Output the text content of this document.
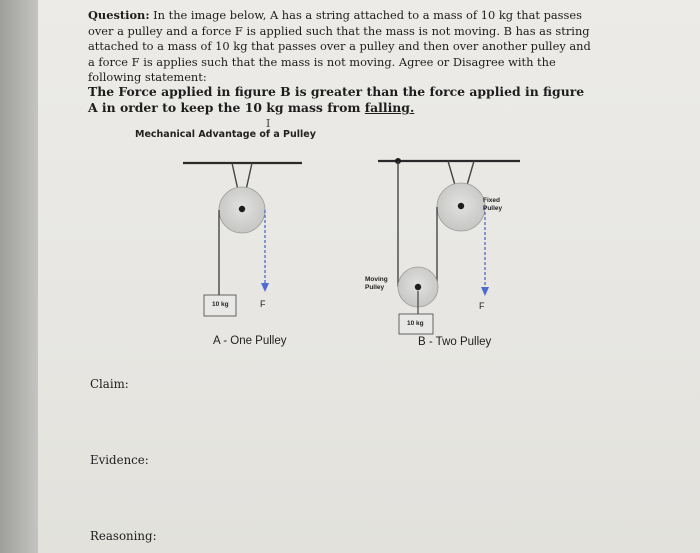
Question: In the image below, A has a string attached to a mass of 10 kg that passes over a pulley and a force F is applied such that the mass is not moving. B has as string attached to a mass of 10 kg that passes over a pulley and then over another pulley and a force F is applies such that the mass is not moving. Agree or Disagree with the following statement:
The Force applied in figure B is greater than the force applied in figure A in order to keep the 10 kg mass from falling.
Mechanical Advantage of a Pulley
I
10 kg	F
A - One Pulley
Moving Pulley
Fixed Pulley
10 kg
F
B - Two Pulley
Claim:
Evidence:
Reasoning:
